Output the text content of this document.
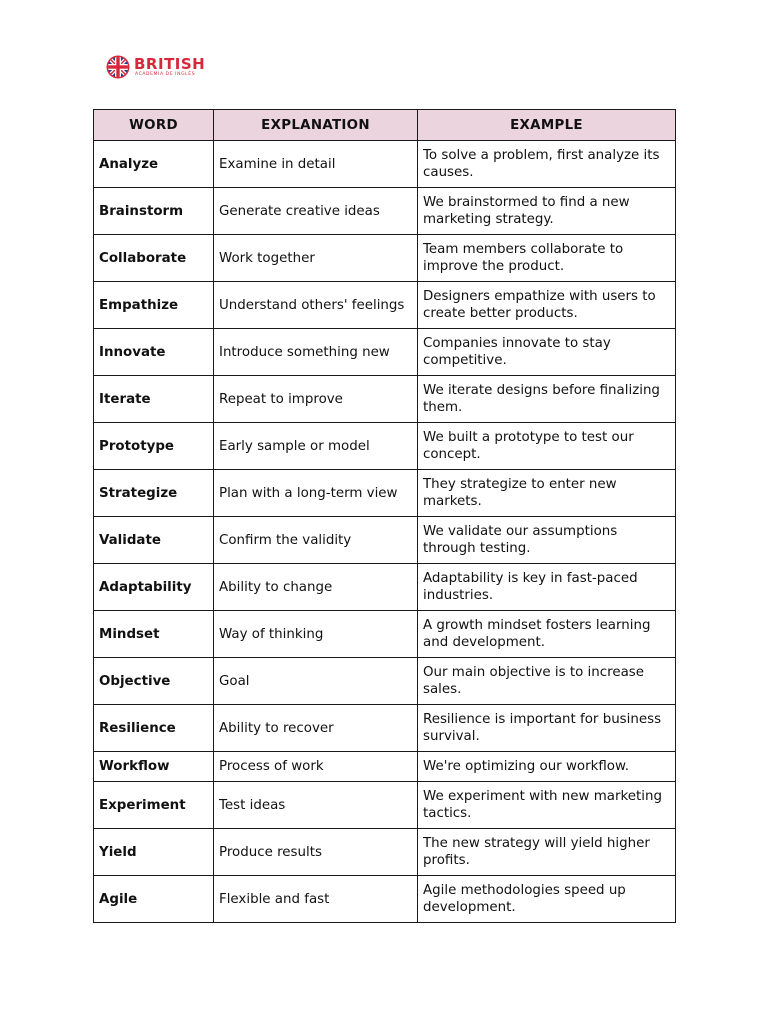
BRITISH
ACADEMIA DE INGLÉS
WORD	EXPLANATION	EXAMPLE
Analyze	Examine in detail	To solve a problem, first analyze its causes.
Brainstorm	Generate creative ideas	We brainstormed to find a new marketing strategy.
Collaborate	Work together	Team members collaborate to improve the product.
Empathize	Understand others' feelings	Designers empathize with users to create better products.
Innovate	Introduce something new	Companies innovate to stay competitive.
Iterate	Repeat to improve	We iterate designs before finalizing them.
Prototype	Early sample or model	We built a prototype to test our concept.
Strategize	Plan with a long-term view	They strategize to enter new markets.
Validate	Confirm the validity	We validate our assumptions through testing.
Adaptability	Ability to change	Adaptability is key in fast-paced industries.
Mindset	Way of thinking	A growth mindset fosters learning and development.
Objective	Goal	Our main objective is to increase sales.
Resilience	Ability to recover	Resilience is important for business survival.
Workflow	Process of work	We're optimizing our workflow.
Experiment	Test ideas	We experiment with new marketing tactics.
Yield	Produce results	The new strategy will yield higher profits.
Agile	Flexible and fast	Agile methodologies speed up development.
